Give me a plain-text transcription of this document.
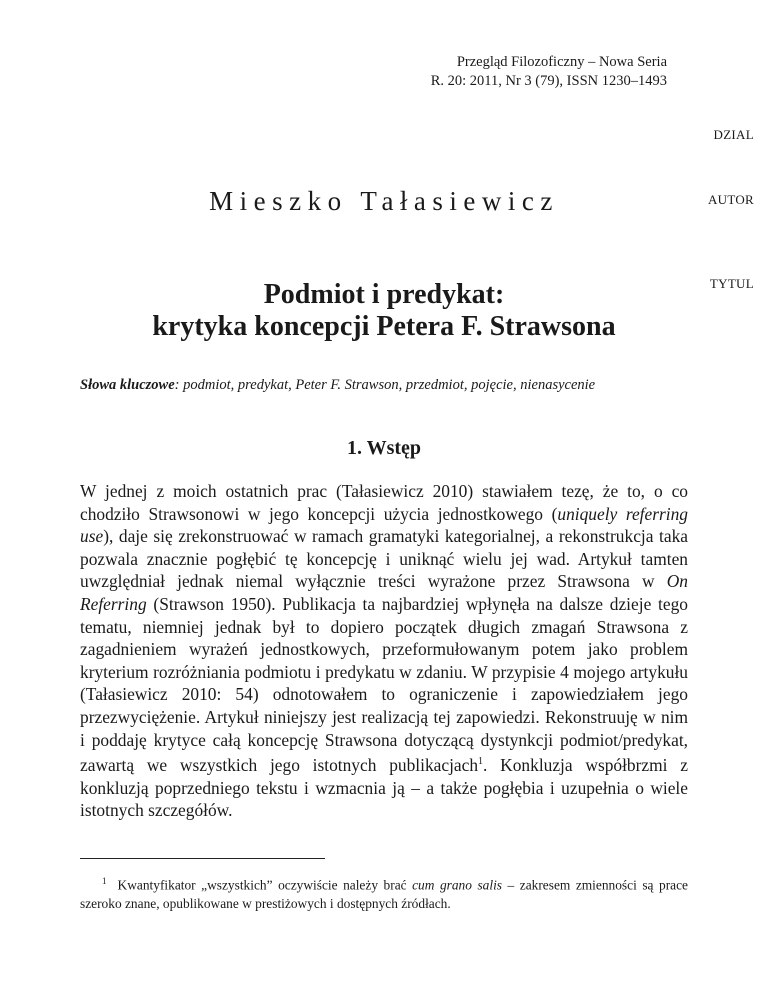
Przegląd Filozoficzny – Nowa Seria
R. 20: 2011, Nr 3 (79), ISSN 1230–1493
DZIAL
AUTOR
TYTUL
Mieszko Tałasiewicz
Podmiot i predykat:
krytyka koncepcji Petera F. Strawsona
Słowa kluczowe: podmiot, predykat, Peter F. Strawson, przedmiot, pojęcie, nienasycenie
1. Wstęp
W jednej z moich ostatnich prac (Tałasiewicz 2010) stawiałem tezę, że to, o co chodziło Strawsonowi w jego koncepcji użycia jednostkowego (uniquely referring use), daje się zrekonstruować w ramach gramatyki kategorialnej, a rekonstrukcja taka pozwala znacznie pogłębić tę koncepcję i uniknąć wielu jej wad. Artykuł tamten uwzględniał jednak niemal wyłącznie treści wyrażone przez Strawsona w On Referring (Strawson 1950). Publikacja ta najbardziej wpłynęła na dalsze dzieje tego tematu, niemniej jednak był to dopiero początek długich zmagań Strawsona z zagadnieniem wyrażeń jednostkowych, przeformułowanym potem jako problem kryterium rozróżniania podmiotu i predykatu w zdaniu. W przypisie 4 mojego artykułu (Tałasiewicz 2010: 54) odnotowałem to ograniczenie i zapowiedziałem jego przezwyciężenie. Artykuł niniejszy jest realizacją tej zapowiedzi. Rekonstruuję w nim i poddaję krytyce całą koncepcję Strawsona dotyczącą dystynkcji podmiot/predykat, zawartą we wszystkich jego istotnych publikacjach$^1$. Konkluzja współbrzmi z konkluzją poprzedniego tekstu i wzmacnia ją – a także pogłębia i uzupełnia o wiele istotnych szczegółów.
$^1$ Kwantyfikator „wszystkich” oczywiście należy brać cum grano salis – zakresem zmienności są prace szeroko znane, opublikowane w prestiżowych i dostępnych źródłach.
